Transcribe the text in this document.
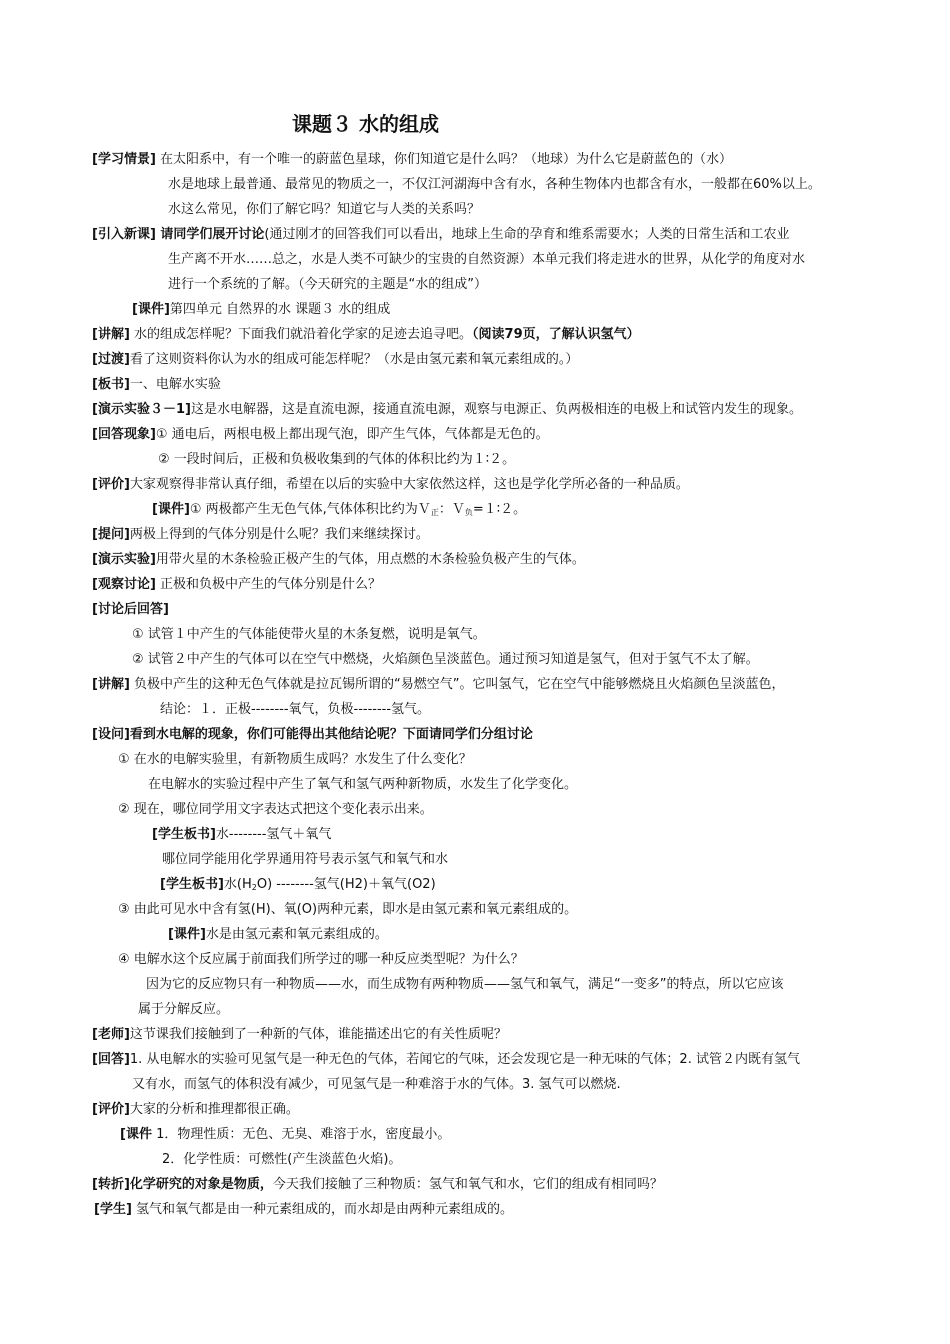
课题３ 水的组成
[学习情景] 在太阳系中，有一个唯一的蔚蓝色星球，你们知道它是什么吗？（地球）为什么它是蔚蓝色的（水）
水是地球上最普通、最常见的物质之一，不仅江河湖海中含有水，各种生物体内也都含有水，一般都在60%以上。
水这么常见，你们了解它吗？知道它与人类的关系吗？
[引入新课] 请同学们展开讨论(通过刚才的回答我们可以看出，地球上生命的孕育和维系需要水；人类的日常生活和工农业
生产离不开水……总之，水是人类不可缺少的宝贵的自然资源）本单元我们将走进水的世界，从化学的角度对水
进行一个系统的了解。（今天研究的主题是“水的组成”）
[课件]第四单元 自然界的水 课题３ 水的组成
[讲解] 水的组成怎样呢？下面我们就沿着化学家的足迹去追寻吧。（阅读79页，了解认识氢气）
[过渡]看了这则资料你认为水的组成可能怎样呢？（水是由氢元素和氧元素组成的。）
[板书]一、电解水实验
[演示实验３－1]这是水电解器，这是直流电源，接通直流电源，观察与电源正、负两极相连的电极上和试管内发生的现象。
[回答现象]① 通电后，两根电极上都出现气泡，即产生气体，气体都是无色的。
② 一段时间后，正极和负极收集到的气体的体积比约为１∶２。
[评价]大家观察得非常认真仔细，希望在以后的实验中大家依然这样，这也是学化学所必备的一种品质。
[课件]① 两极都产生无色气体,气体体积比约为Ｖ$_正$：Ｖ$_负$=１∶２。
[提问]两极上得到的气体分别是什么呢？我们来继续探讨。
[演示实验]用带火星的木条检验正极产生的气体，用点燃的木条检验负极产生的气体。
[观察讨论] 正极和负极中产生的气体分别是什么？
[讨论后回答]
① 试管１中产生的气体能使带火星的木条复燃，说明是氧气。
② 试管２中产生的气体可以在空气中燃烧，火焰颜色呈淡蓝色。通过预习知道是氢气，但对于氢气不太了解。
[讲解] 负极中产生的这种无色气体就是拉瓦锡所谓的“易燃空气”。它叫氢气，它在空气中能够燃烧且火焰颜色呈淡蓝色，
结论：１．正极--------氧气，负极--------氢气。
[设问]看到水电解的现象，你们可能得出其他结论呢？下面请同学们分组讨论
① 在水的电解实验里，有新物质生成吗？水发生了什么变化？
在电解水的实验过程中产生了氧气和氢气两种新物质，水发生了化学变化。
② 现在，哪位同学用文字表达式把这个变化表示出来。
[学生板书]水--------氢气＋氧气
哪位同学能用化学界通用符号表示氢气和氧气和水
[学生板书]水$(H_2O)$ --------氢气(H2)＋氧气(O2)
③ 由此可见水中含有氢(H)、氧(O)两种元素，即水是由氢元素和氧元素组成的。
[课件]水是由氢元素和氧元素组成的。
④ 电解水这个反应属于前面我们所学过的哪一种反应类型呢？为什么？
因为它的反应物只有一种物质——水，而生成物有两种物质——氢气和氧气，满足“一变多”的特点，所以它应该
属于分解反应。
[老师]这节课我们接触到了一种新的气体，谁能描述出它的有关性质呢？
[回答]1. 从电解水的实验可见氢气是一种无色的气体，若闻它的气味，还会发现它是一种无味的气体；2. 试管２内既有氢气
又有水，而氢气的体积没有减少，可见氢气是一种难溶于水的气体。3. 氢气可以燃烧.
[评价]大家的分析和推理都很正确。
[课件 1．物理性质：无色、无臭、难溶于水，密度最小。
2．化学性质：可燃性(产生淡蓝色火焰)。
[转折]化学研究的对象是物质，今天我们接触了三种物质：氢气和氧气和水，它们的组成有相同吗？
[学生] 氢气和氧气都是由一种元素组成的，而水却是由两种元素组成的。
